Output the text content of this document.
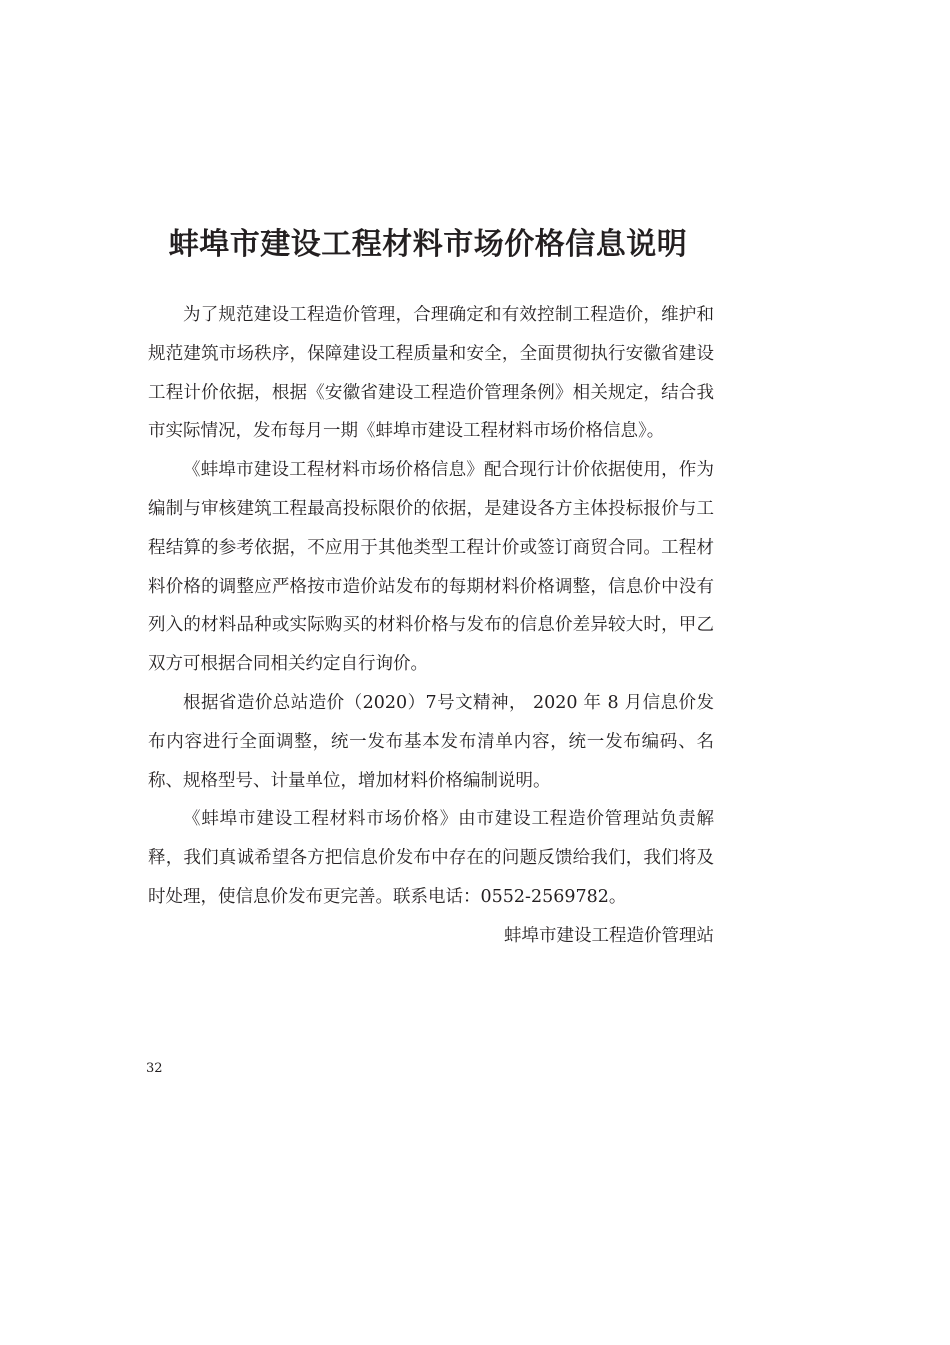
蚌埠市建设工程材料市场价格信息说明

为了规范建设工程造价管理，合理确定和有效控制工程造价，维护和规范建筑市场秩序，保障建设工程质量和安全，全面贯彻执行安徽省建设工程计价依据，根据《安徽省建设工程造价管理条例》相关规定，结合我市实际情况，发布每月一期《蚌埠市建设工程材料市场价格信息》。

《蚌埠市建设工程材料市场价格信息》配合现行计价依据使用，作为编制与审核建筑工程最高投标限价的依据，是建设各方主体投标报价与工程结算的参考依据，不应用于其他类型工程计价或签订商贸合同。工程材料价格的调整应严格按市造价站发布的每期材料价格调整，信息价中没有列入的材料品种或实际购买的材料价格与发布的信息价差异较大时，甲乙双方可根据合同相关约定自行询价。

根据省造价总站造价（2020）7号文精神， 2020 年 8 月信息价发布内容进行全面调整，统一发布基本发布清单内容，统一发布编码、名称、规格型号、计量单位，增加材料价格编制说明。

《蚌埠市建设工程材料市场价格》由市建设工程造价管理站负责解释，我们真诚希望各方把信息价发布中存在的问题反馈给我们，我们将及时处理，使信息价发布更完善。联系电话：0552-2569782。

蚌埠市建设工程造价管理站

32
